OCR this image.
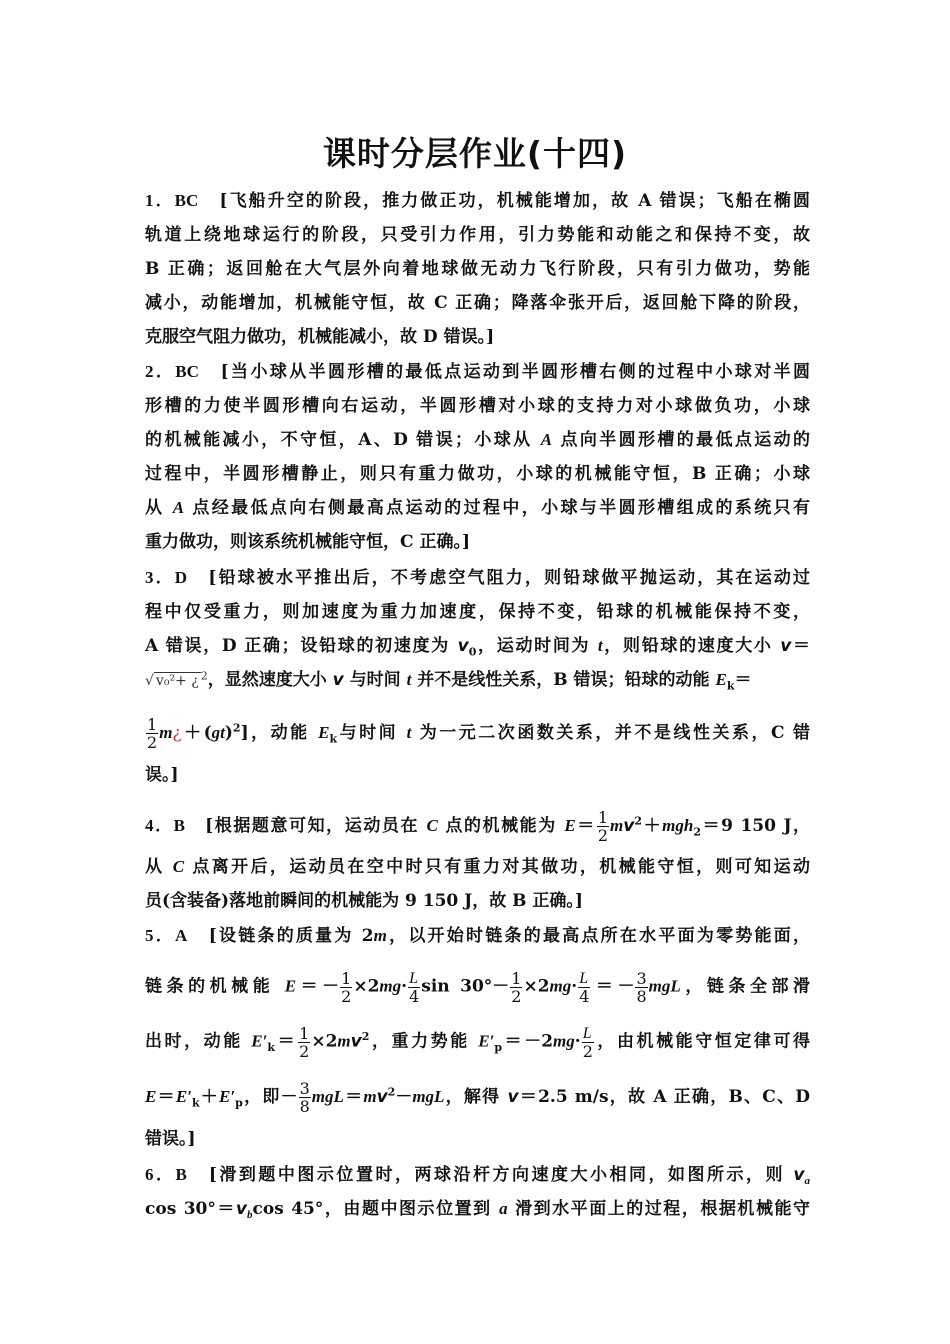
课时分层作业(十四)
1．BC　 [飞船升空的阶段，推力做正功，机械能增加，故 A 错误；飞船在椭圆
轨道上绕地球运行的阶段，只受引力作用，引力势能和动能之和保持不变，故
B 正确；返回舱在大气层外向着地球做无动力飞行阶段，只有引力做功，势能
减小，动能增加，机械能守恒，故 C 正确；降落伞张开后，返回舱下降的阶段，
克服空气阻力做功，机械能减小，故 D 错误。]
2．BC　 [当小球从半圆形槽的最低点运动到半圆形槽右侧的过程中小球对半圆
形槽的力使半圆形槽向右运动，半圆形槽对小球的支持力对小球做负功，小球
的机械能减小，不守恒，A、D 错误；小球从 A 点向半圆形槽的最低点运动的
过程中，半圆形槽静止，则只有重力做功，小球的机械能守恒，B 正确；小球
从 A 点经最低点向右侧最高点运动的过程中，小球与半圆形槽组成的系统只有
重力做功，则该系统机械能守恒，C 正确。]
3．D　 [铅球被水平推出后，不考虑空气阻力，则铅球做平抛运动，其在运动过
程中仅受重力，则加速度为重力加速度，保持不变，铅球的机械能保持不变，
A 错误，D 正确；设铅球的初速度为 $v_0$，运动时间为 t，则铅球的速度大小 v＝
√ v₀²+ ¿ $^2$，显然速度大小 v 与时间 t 并不是线性关系，B 错误；铅球的动能 $E_k=$
$\frac{1}{2}$ m¿＋(gt)$^2$]，动能 $E_k$与时间 t 为一元二次函数关系，并不是线性关系，C 错
误。]
4．B　 [根据题意可知，运动员在 C 点的机械能为 $E= \frac{1}{2} mv^2+mgh_2=9$ 150 J，
从 C 点离开后，运动员在空中时只有重力对其做功，机械能守恒，则可知运动
员(含装备)落地前瞬间的机械能为 9 150 J，故 B 正确。]
5．A　 [设链条的质量为 2m，以开始时链条的最高点所在水平面为零势能面，
链条的机械能 $E=- \frac{1}{2} \times 2mg\cdot \frac{L}{4}$ $\sin 30^\circ- \frac{1}{2} \times 2mg\cdot \frac{L}{4} =- \frac{3}{8}$ mgL，链条全部滑
出时，动能 $E'_k= \frac{1}{2} \times 2mv^2$，重力势能 $E'_p=-2mg\cdot \frac{L}{2}$ ，由机械能守恒定律可得
$E=E'_k+E'_p$，即－ $\frac{3}{8} mgL=mv^2-mgL$，解得 v＝2.5 m/s，故 A 正确，B、C、D
错误。]
6．B　 [滑到题中图示位置时，两球沿杆方向速度大小相同，如图所示，则 $v_a$
$\cos 30^\circ=v_b\cos$ 45°，由题中图示位置到 a 滑到水平面上的过程，根据机械能守
